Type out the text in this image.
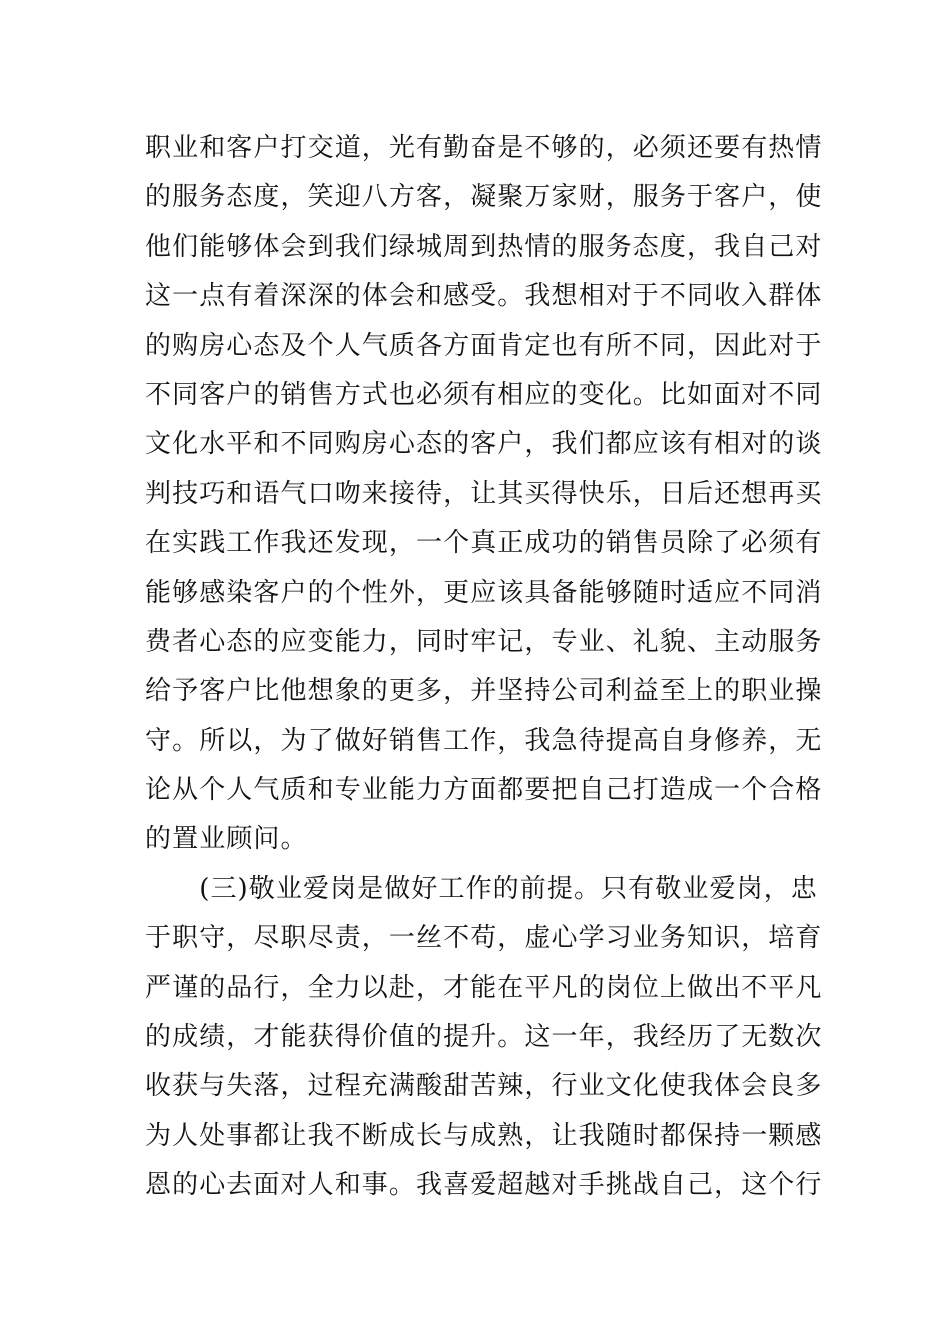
职业和客户打交道，光有勤奋是不够的，必须还要有热情
的服务态度，笑迎八方客，凝聚万家财，服务于客户，使
他们能够体会到我们绿城周到热情的服务态度，我自己对
这一点有着深深的体会和感受。我想相对于不同收入群体
的购房心态及个人气质各方面肯定也有所不同，因此对于
不同客户的销售方式也必须有相应的变化。比如面对不同
文化水平和不同购房心态的客户，我们都应该有相对的谈
判技巧和语气口吻来接待，让其买得快乐，日后还想再买
在实践工作我还发现，一个真正成功的销售员除了必须有
能够感染客户的个性外，更应该具备能够随时适应不同消
费者心态的应变能力，同时牢记，专业、礼貌、主动服务
给予客户比他想象的更多，并坚持公司利益至上的职业操
守。所以，为了做好销售工作，我急待提高自身修养，无
论从个人气质和专业能力方面都要把自己打造成一个合格
的置业顾问。
　　(三)敬业爱岗是做好工作的前提。只有敬业爱岗，忠
于职守，尽职尽责，一丝不苟，虚心学习业务知识，培育
严谨的品行，全力以赴，才能在平凡的岗位上做出不平凡
的成绩，才能获得价值的提升。这一年，我经历了无数次
收获与失落，过程充满酸甜苦辣，行业文化使我体会良多
为人处事都让我不断成长与成熟，让我随时都保持一颗感
恩的心去面对人和事。我喜爱超越对手挑战自己，这个行
